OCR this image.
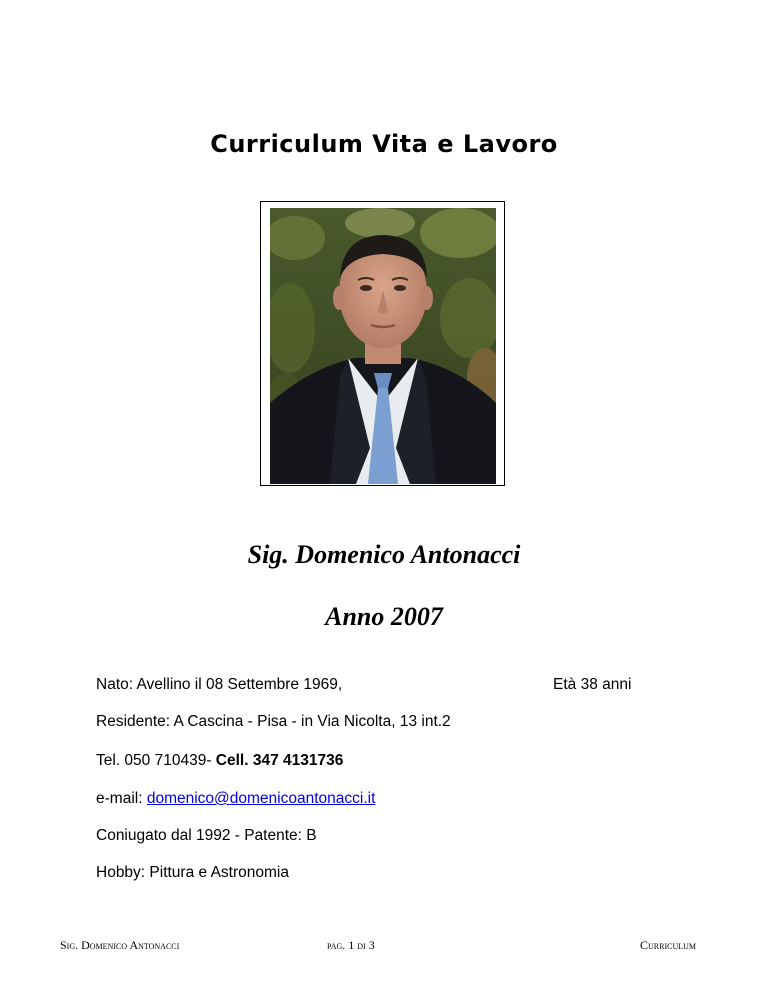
Curriculum Vita e Lavoro
Sig. Domenico Antonacci
Anno 2007
Nato: Avellino il 08 Settembre 1969,	Età 38 anni
Residente: A Cascina - Pisa - in Via Nicolta, 13 int.2
Tel. 050 710439- Cell. 347 4131736
e-mail: domenico@domenicoantonacci.it
Coniugato dal 1992 - Patente: B
Hobby: Pittura e Astronomia
Sig. Domenico Antonacci	pag. 1 di 3	Curriculum
